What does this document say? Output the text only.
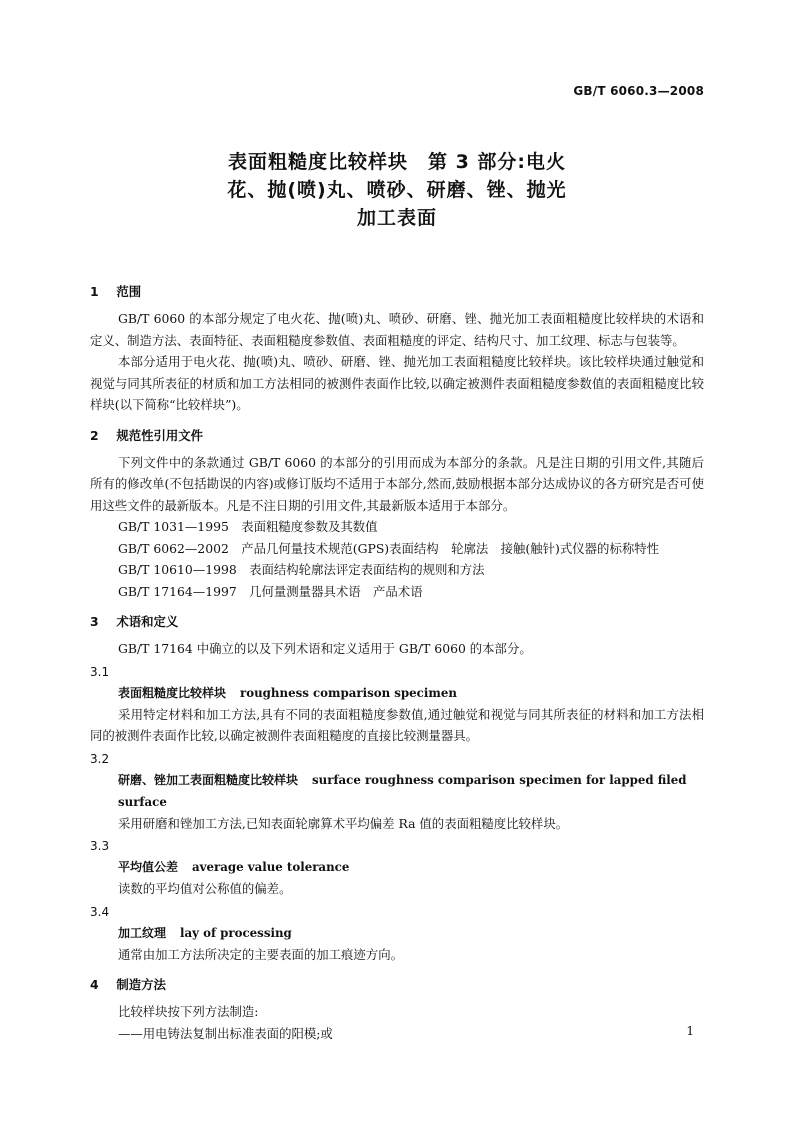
GB/T 6060.3—2008
表面粗糙度比较样块　第 3 部分:电火
花、抛(喷)丸、喷砂、研磨、锉、抛光
加工表面
1 范围

GB/T 6060 的本部分规定了电火花、抛(喷)丸、喷砂、研磨、锉、抛光加工表面粗糙度比较样块的术语和定义、制造方法、表面特征、表面粗糙度参数值、表面粗糙度的评定、结构尺寸、加工纹理、标志与包装等。

本部分适用于电火花、抛(喷)丸、喷砂、研磨、锉、抛光加工表面粗糙度比较样块。该比较样块通过触觉和视觉与同其所表征的材质和加工方法相同的被测件表面作比较,以确定被测件表面粗糙度参数值的表面粗糙度比较样块(以下简称“比较样块”)。

2 规范性引用文件

下列文件中的条款通过 GB/T 6060 的本部分的引用而成为本部分的条款。凡是注日期的引用文件,其随后所有的修改单(不包括勘误的内容)或修订版均不适用于本部分,然而,鼓励根据本部分达成协议的各方研究是否可使用这些文件的最新版本。凡是不注日期的引用文件,其最新版本适用于本部分。

GB/T 1031—1995　表面粗糙度参数及其数值
GB/T 6062—2002　产品几何量技术规范(GPS)表面结构　轮廓法　接触(触针)式仪器的标称特性
GB/T 10610—1998　表面结构轮廓法评定表面结构的规则和方法
GB/T 17164—1997　几何量测量器具术语　产品术语
3 术语和定义

GB/T 17164 中确立的以及下列术语和定义适用于 GB/T 6060 的本部分。

3.1
表面粗糙度比较样块 roughness comparison specimen

采用特定材料和加工方法,具有不同的表面粗糙度参数值,通过触觉和视觉与同其所表征的材料和加工方法相同的被测件表面作比较,以确定被测件表面粗糙度的直接比较测量器具。

3.2
研磨、锉加工表面粗糙度比较样块 surface roughness comparison specimen for lapped filed surface
采用研磨和锉加工方法,已知表面轮廓算术平均偏差 Ra 值的表面粗糙度比较样块。
3.3
平均值公差 average value tolerance
读数的平均值对公称值的偏差。
3.4
加工纹理 lay of processing
通常由加工方法所决定的主要表面的加工痕迹方向。
4 制造方法
比较样块按下列方法制造:
——用电铸法复制出标准表面的阳模;或	1
